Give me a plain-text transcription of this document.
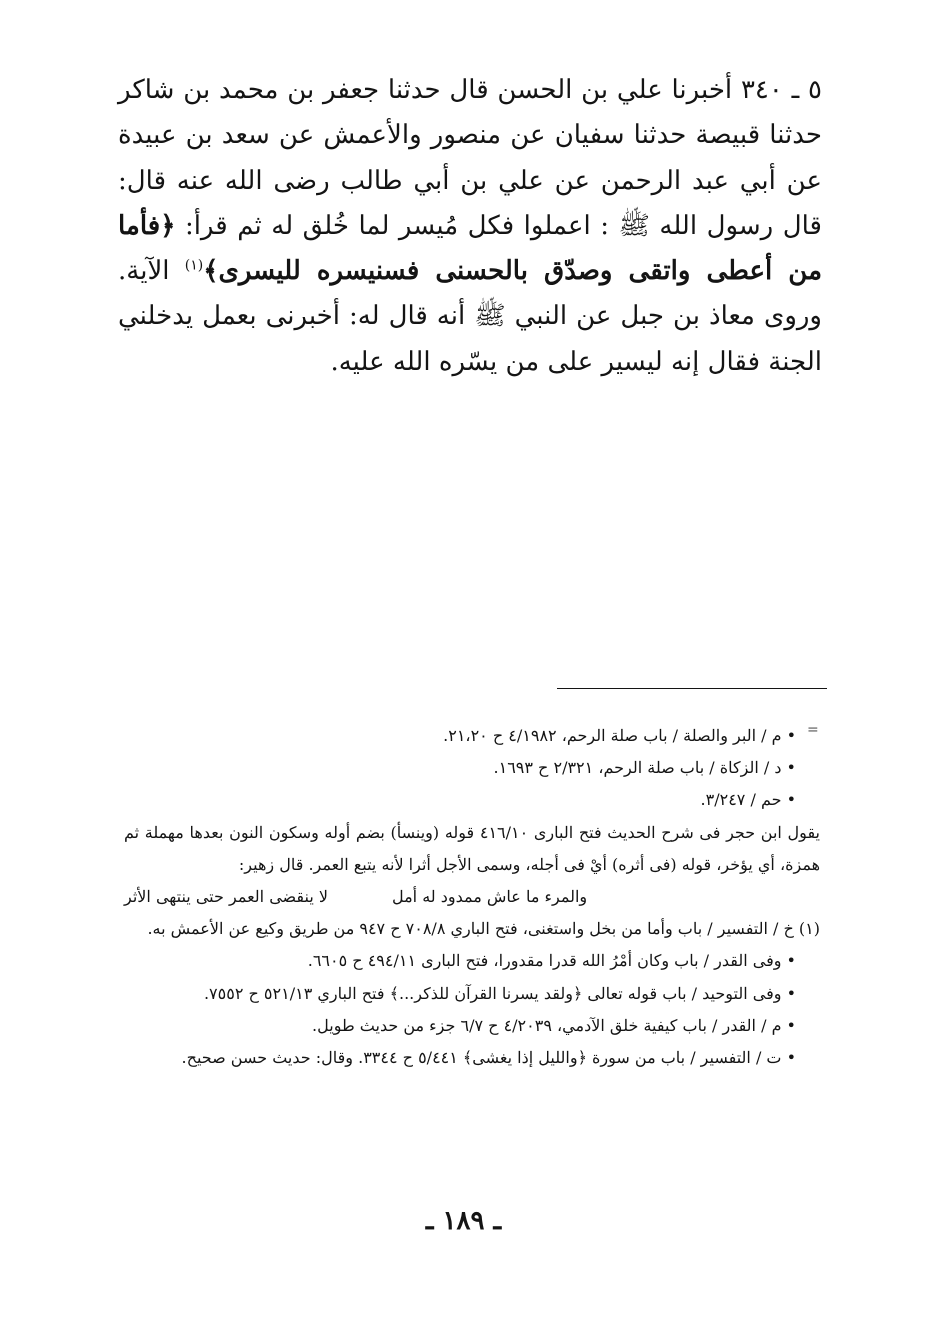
٥ ـ ٣٤٠ أخبرنا علي بن الحسن قال حدثنا جعفر بن محمد بن شاكر حدثنا قبيصة حدثنا سفيان عن منصور والأعمش عن سعد بن عبيدة عن أبي عبد الرحمن عن علي بن أبي طالب رضى الله عنه قال: قال رسول الله ﷺ : اعملوا فكل مُيسر لما خُلق له ثم قرأ: ﴿فأما من أعطى واتقى وصدّق بالحسنى فسنيسره لليسرى﴾$^{(١)}$ الآية. وروى معاذ بن جبل عن النبي ﷺ أنه قال له: أخبرنى بعمل يدخلني الجنة فقال إنه ليسير على من يسّره الله عليه.

=

• م / البر والصلة / باب صلة الرحم، ٤/١٩٨٢ ح ٢١،٢٠.

• د / الزكاة / باب صلة الرحم، ٢/٣٢١ ح ١٦٩٣.

• حم / ٣/٢٤٧.

يقول ابن حجر فى شرح الحديث فتح البارى ٤١٦/١٠ قوله (وينسأ) بضم أوله وسكون النون بعدها مهملة ثم همزة، أي يؤخر، قوله (فى أثره) أيْ فى أجله، وسمى الأجل أثرا لأنه يتبع العمر. قال زهير:

والمرء ما عاش ممدود له أمل
لا ينقضى العمر حتى ينتهى الأثر

(١) خ / التفسير / باب وأما من بخل واستغنى، فتح الباري ٧٠٨/٨ ح ٩٤٧ من طريق وكيع عن الأعمش به.

• وفى القدر / باب وكان أمْرُ الله قدرا مقدورا، فتح البارى ٤٩٤/١١ ح ٦٦٠٥.

• وفى التوحيد / باب قوله تعالى ﴿ولقد يسرنا القرآن للذكر...﴾ فتح الباري ٥٢١/١٣ ح ٧٥٥٢.

• م / القدر / باب كيفية خلق الآدمي، ٤/٢٠٣٩ ح ٦/٧ جزء من حديث طويل.

• ت / التفسير / باب من سورة ﴿والليل إذا يغشى﴾ ٥/٤٤١ ح ٣٣٤٤. وقال: حديث حسن صحيح.

ـ ١٨٩ ـ
